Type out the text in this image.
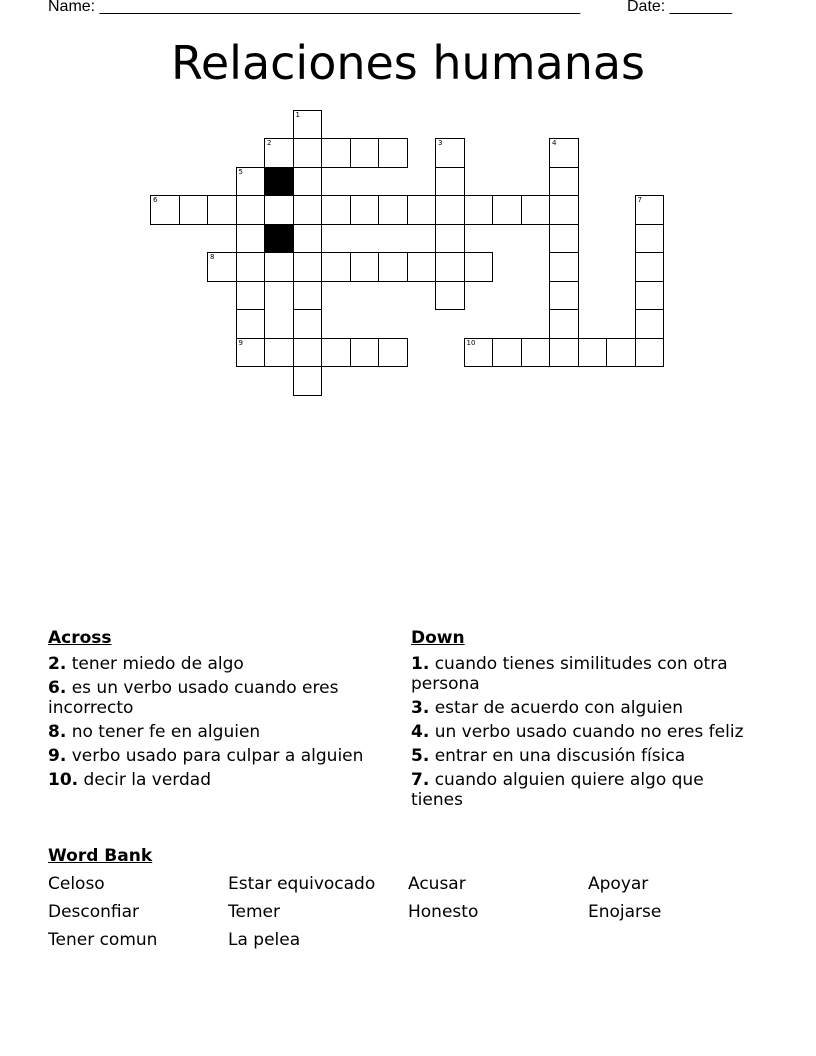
Name: ______________________________________________________	Date: _______
Relaciones humanas
1
2	3	4
5
6	7
8
9	10
Across
2. tener miedo de algo
6. es un verbo usado cuando eres incorrecto
8. no tener fe en alguien
9. verbo usado para culpar a alguien
10. decir la verdad
Down
1. cuando tienes similitudes con otra persona
3. estar de acuerdo con alguien
4. un verbo usado cuando no eres feliz
5. entrar en una discusión física
7. cuando alguien quiere algo que tienes
Word Bank
Celoso	Estar equivocado	Acusar	Apoyar
Desconfiar	Temer	Honesto	Enojarse
Tener comun	La pelea
